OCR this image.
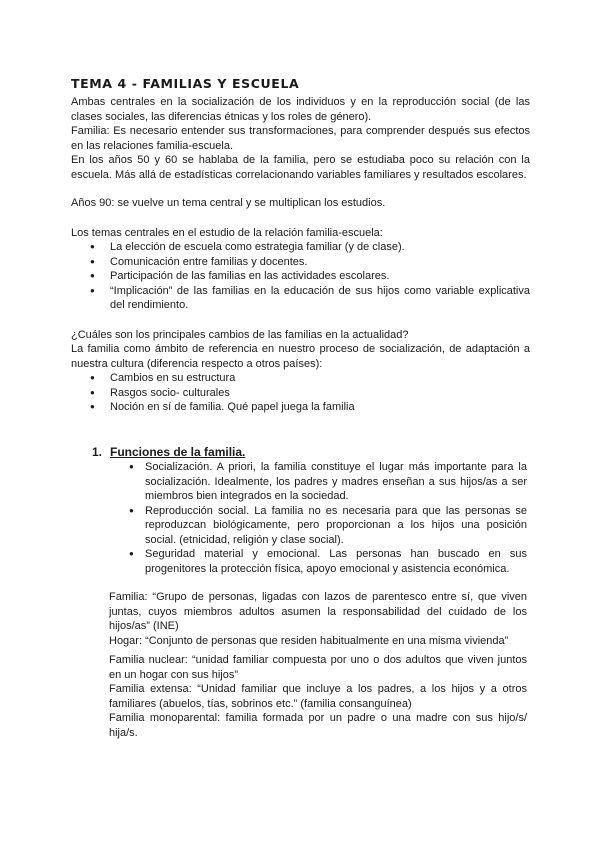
TEMA 4 - FAMILIAS Y ESCUELA

Ambas centrales en la socialización de los individuos y en la reproducción social (de las clases sociales, las diferencias étnicas y los roles de género).

Familia: Es necesario entender sus transformaciones, para comprender después sus efectos en las relaciones familia-escuela.

En los años 50 y 60 se hablaba de la familia, pero se estudiaba poco su relación con la escuela. Más allá de estadísticas correlacionando variables familiares y resultados escolares.

Años 90: se vuelve un tema central y se multiplican los estudios.

Los temas centrales en el estudio de la relación familia-escuela:

● La elección de escuela como estrategia familiar (y de clase).
● Comunicación entre familias y docentes.
● Participación de las familias en las actividades escolares.
● “Implicación” de las familias en la educación de sus hijos como variable explicativa del rendimiento.

¿Cuáles son los principales cambios de las familias en la actualidad?

La familia como ámbito de referencia en nuestro proceso de socialización, de adaptación a nuestra cultura (diferencia respecto a otros países):

● Cambios en su estructura
● Rasgos socio- culturales
● Noción en sí de familia. Qué papel juega la familia
1. Funciones de la familia.
● Socialización. A priori, la familia constituye el lugar más importante para la socialización. Idealmente, los padres y madres enseñan a sus hijos/as a ser miembros bien integrados en la sociedad.
● Reproducción social. La familia no es necesaria para que las personas se reproduzcan biológicamente, pero proporcionan a los hijos una posición social. (etnicidad, religión y clase social).
● Seguridad material y emocional. Las personas han buscado en sus progenitores la protección física, apoyo emocional y asistencia económica.

Familia: “Grupo de personas, ligadas con lazos de parentesco entre sí, que viven juntas, cuyos miembros adultos asumen la responsabilidad del cuidado de los hijos/as” (INE)

Hogar: “Conjunto de personas que residen habitualmente en una misma vivienda”

Familia nuclear: “unidad familiar compuesta por uno o dos adultos que viven juntos en un hogar con sus hijos”

Familia extensa: “Unidad familiar que incluye a los padres, a los hijos y a otros familiares (abuelos, tías, sobrinos etc.” (familia consanguínea)

Familia monoparental: familia formada por un padre o una madre con sus hijo/s/ hija/s.
